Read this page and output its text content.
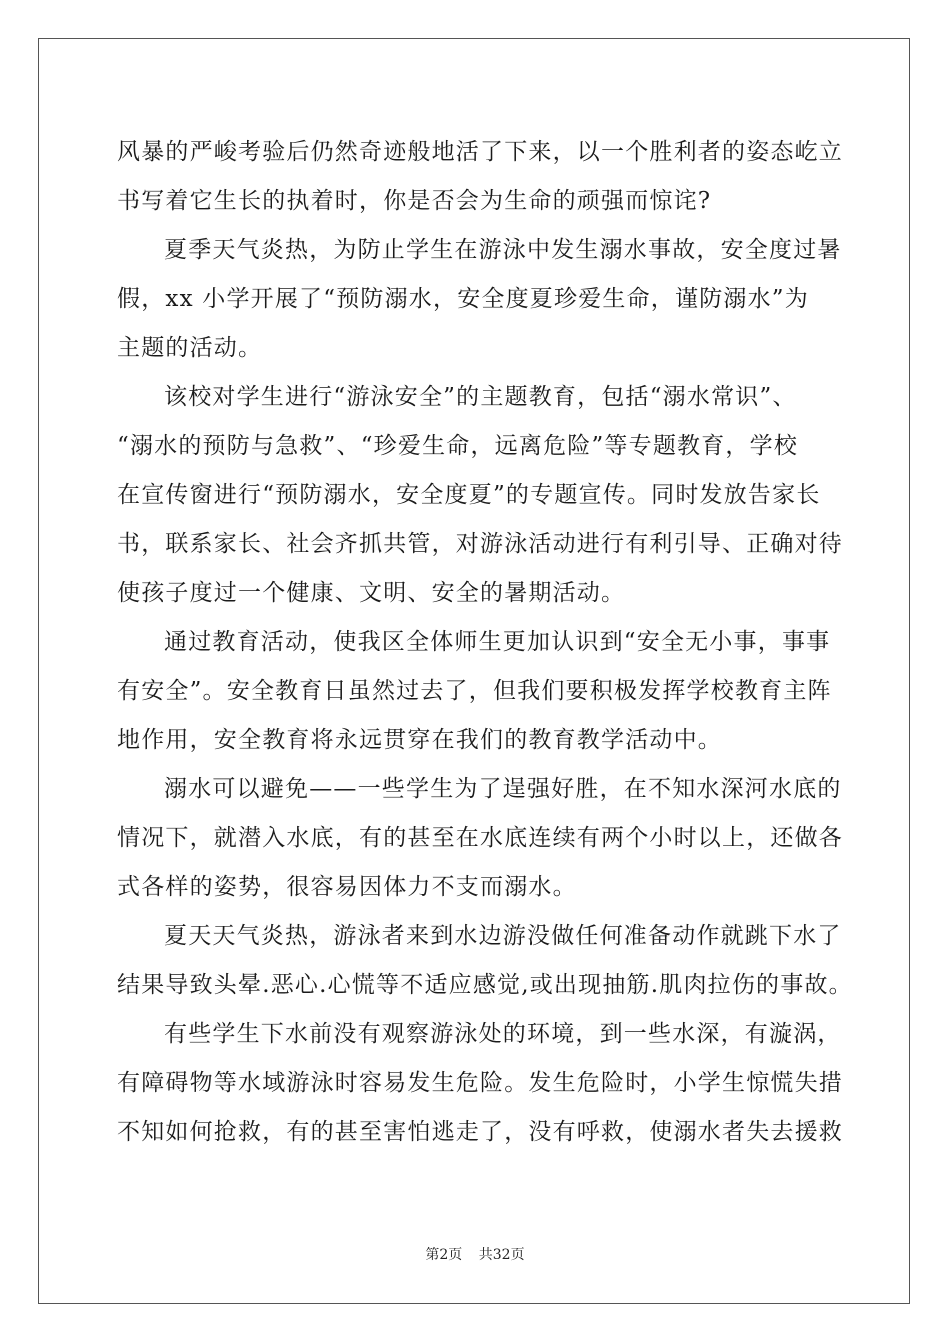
风暴的严峻考验后仍然奇迹般地活了下来，以一个胜利者的姿态屹立
书写着它生长的执着时，你是否会为生命的顽强而惊诧?
夏季天气炎热，为防止学生在游泳中发生溺水事故，安全度过暑
假，xx 小学开展了“预防溺水，安全度夏珍爱生命，谨防溺水”为
主题的活动。
该校对学生进行“游泳安全”的主题教育，包括“溺水常识”、
“溺水的预防与急救”、“珍爱生命，远离危险”等专题教育，学校
在宣传窗进行“预防溺水，安全度夏”的专题宣传。同时发放告家长
书，联系家长、社会齐抓共管，对游泳活动进行有利引导、正确对待
使孩子度过一个健康、文明、安全的暑期活动。
通过教育活动，使我区全体师生更加认识到“安全无小事，事事
有安全”。安全教育日虽然过去了，但我们要积极发挥学校教育主阵
地作用，安全教育将永远贯穿在我们的教育教学活动中。
溺水可以避免——一些学生为了逞强好胜，在不知水深河水底的
情况下，就潜入水底，有的甚至在水底连续有两个小时以上，还做各
式各样的姿势，很容易因体力不支而溺水。
夏天天气炎热，游泳者来到水边游没做任何准备动作就跳下水了
结果导致头晕.恶心.心慌等不适应感觉,或出现抽筋.肌肉拉伤的事故。
有些学生下水前没有观察游泳处的环境，到一些水深，有漩涡，
有障碍物等水域游泳时容易发生危险。发生危险时，小学生惊慌失措
不知如何抢救，有的甚至害怕逃走了，没有呼救，使溺水者失去援救
第2页 共32页
